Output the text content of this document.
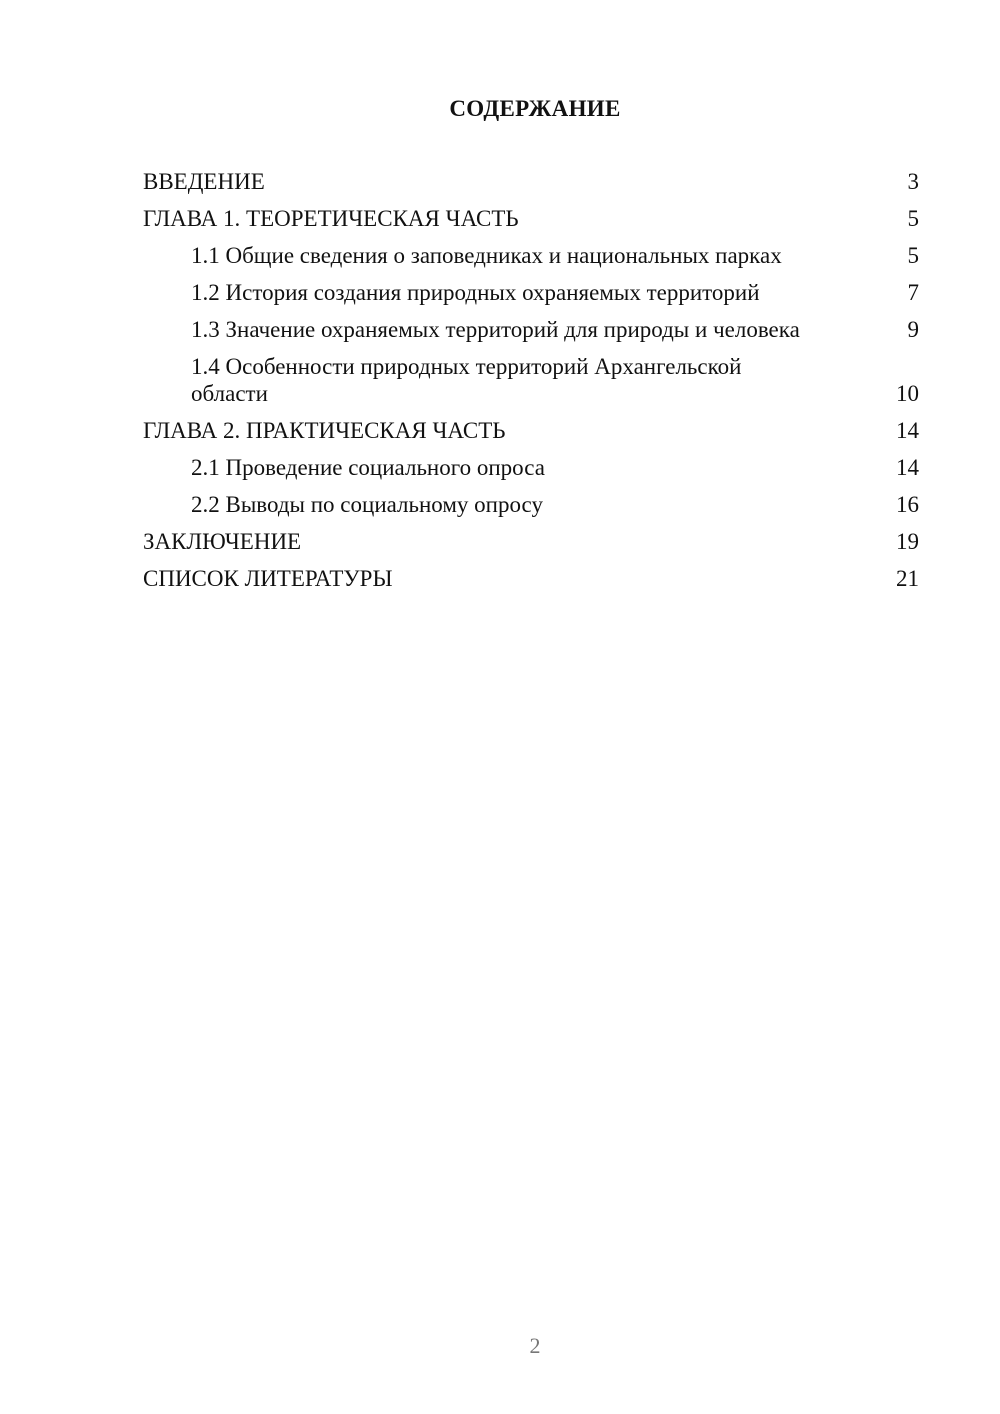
СОДЕРЖАНИЕ
ВВЕДЕНИЕ	3
ГЛАВА 1. ТЕОРЕТИЧЕСКАЯ ЧАСТЬ	5
1.1 Общие сведения о заповедниках и национальных парках	5
1.2 История создания природных охраняемых территорий	7
1.3 Значение охраняемых территорий для природы и человека	9
1.4 Особенности природных территорий Архангельской области	10
ГЛАВА 2. ПРАКТИЧЕСКАЯ ЧАСТЬ	14
2.1 Проведение социального опроса	14
2.2 Выводы по социальному опросу	16
ЗАКЛЮЧЕНИЕ	19
СПИСОК ЛИТЕРАТУРЫ	21
2
